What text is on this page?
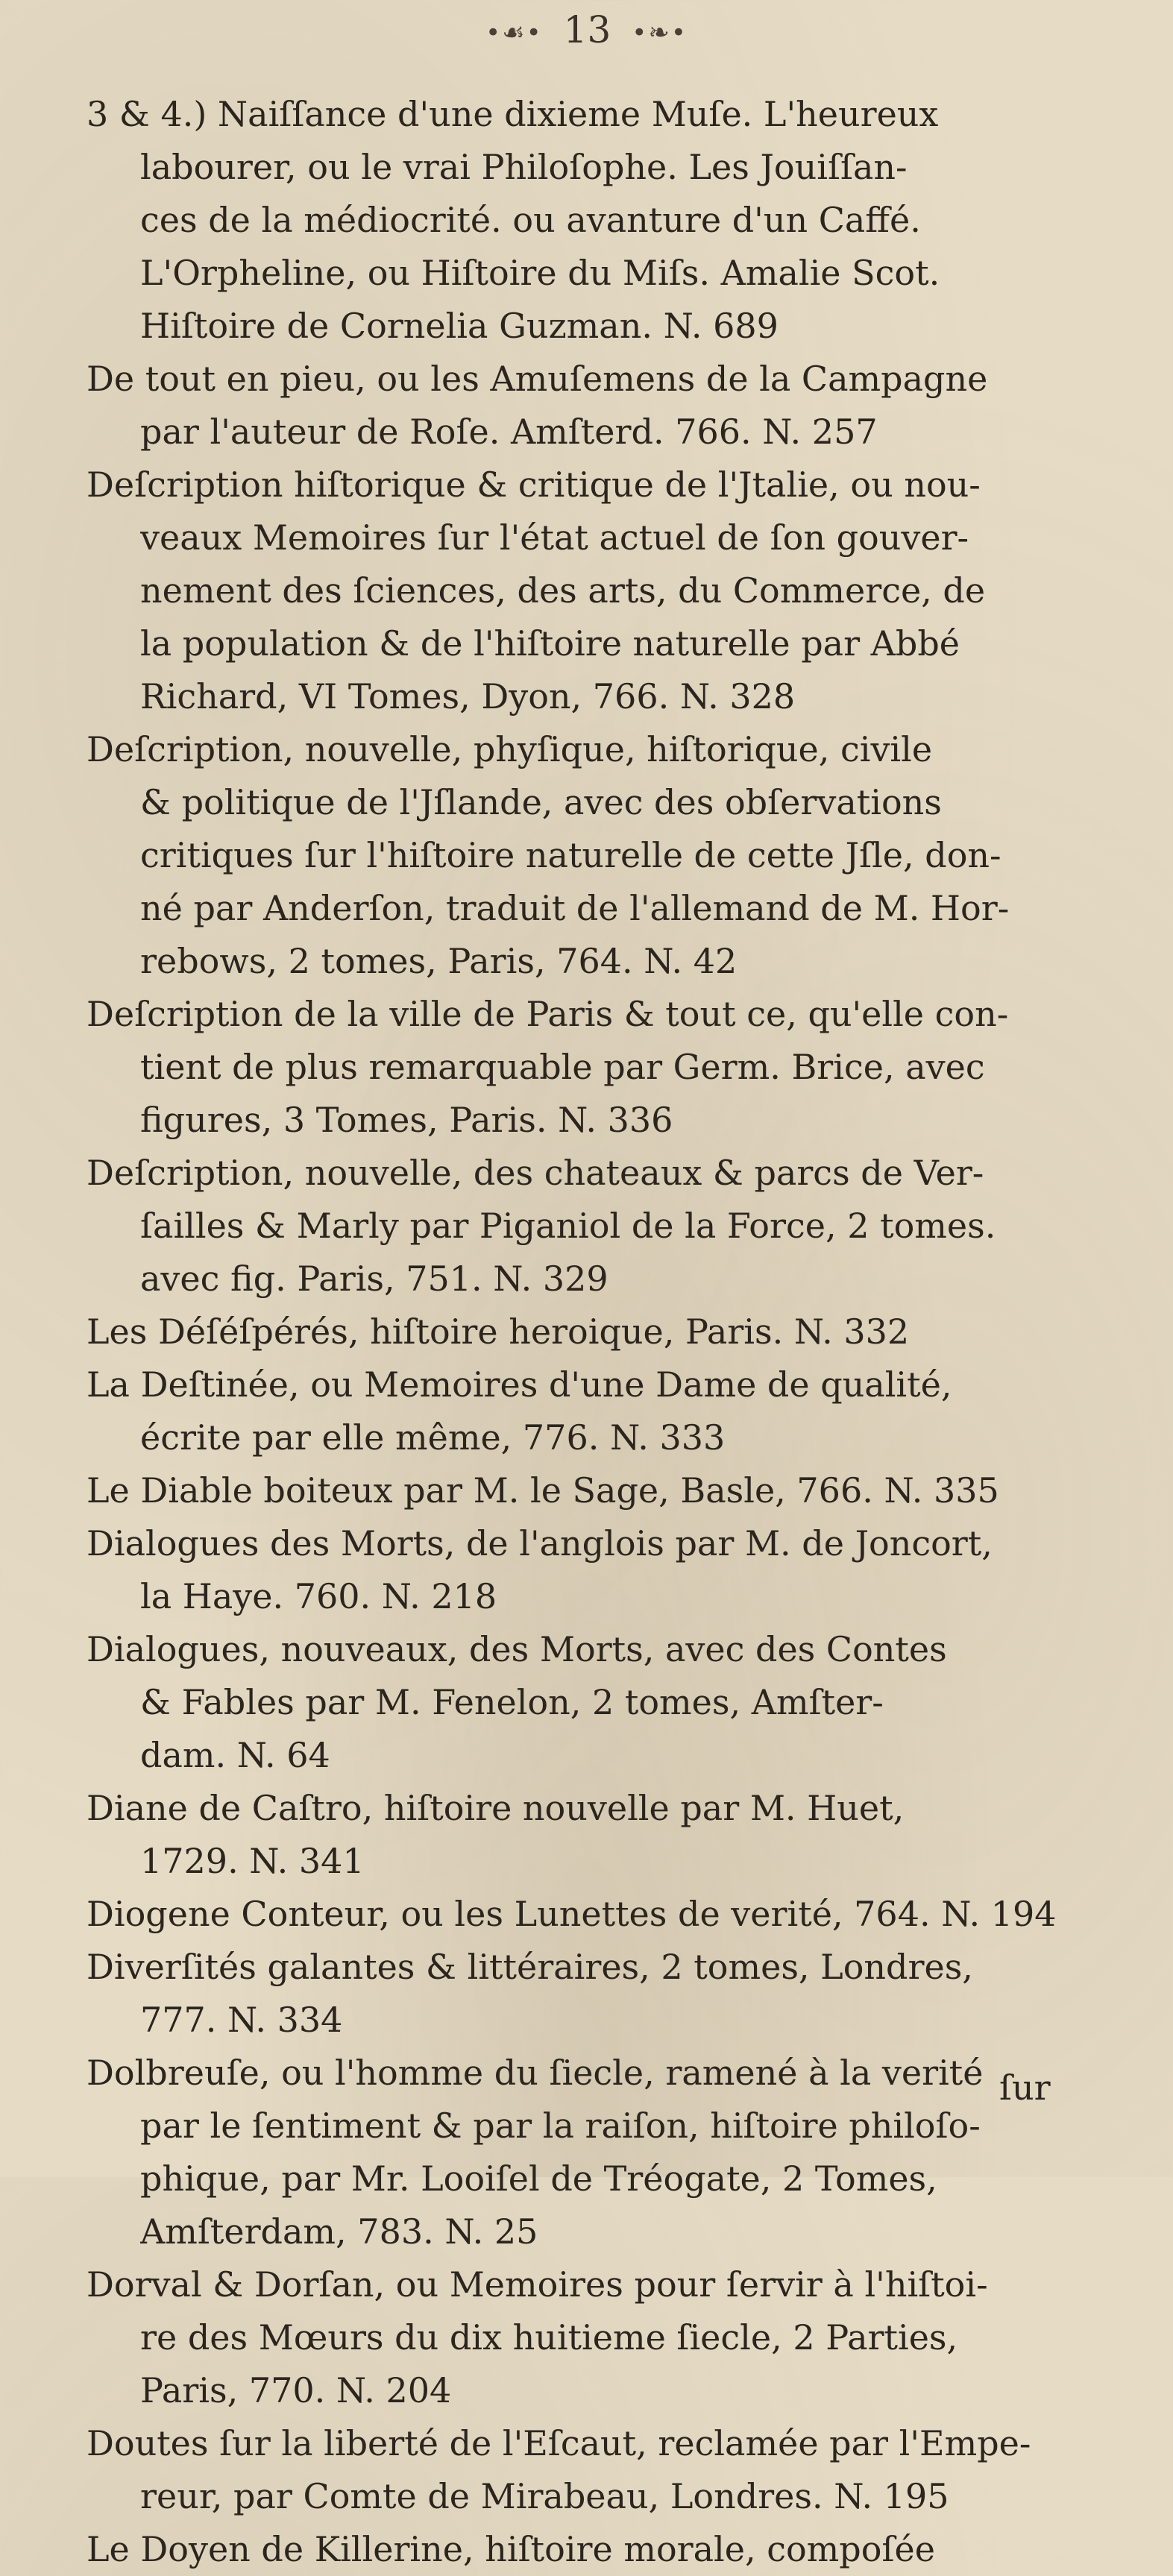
•☙• 13 •❧•
3 & 4.) Naiſſance d'une dixieme Muſe. L'heureux
labourer, ou le vrai Philoſophe. Les Jouiſſan-
ces de la médiocrité. ou avanture d'un Caffé.
L'Orpheline, ou Hiſtoire du Miſs. Amalie Scot.
Hiſtoire de Cornelia Guzman. N. 689
De tout en pieu, ou les Amuſemens de la Campagne
par l'auteur de Roſe. Amſterd. 766. N. 257
Deſcription hiſtorique & critique de l'Jtalie, ou nou-
veaux Memoires ſur l'état actuel de ſon gouver-
nement des ſciences, des arts, du Commerce, de
la population & de l'hiſtoire naturelle par Abbé
Richard, VI Tomes, Dyon, 766. N. 328
Deſcription, nouvelle, phyſique, hiſtorique, civile
& politique de l'Jſlande, avec des obſervations
critiques ſur l'hiſtoire naturelle de cette Jſle, don-
né par Anderſon, traduit de l'allemand de M. Hor-
rebows, 2 tomes, Paris, 764. N. 42
Deſcription de la ville de Paris & tout ce, qu'elle con-
tient de plus remarquable par Germ. Brice, avec
figures, 3 Tomes, Paris. N. 336
Deſcription, nouvelle, des chateaux & parcs de Ver-
ſailles & Marly par Piganiol de la Force, 2 tomes.
avec fig. Paris, 751. N. 329
Les Déſéſpérés, hiſtoire heroique, Paris. N. 332
La Deſtinée, ou Memoires d'une Dame de qualité,
écrite par elle même, 776. N. 333
Le Diable boiteux par M. le Sage, Basle, 766. N. 335
Dialogues des Morts, de l'anglois par M. de Joncort,
la Haye. 760. N. 218
Dialogues, nouveaux, des Morts, avec des Contes
& Fables par M. Fenelon, 2 tomes, Amſter-
dam. N. 64
Diane de Caſtro, hiſtoire nouvelle par M. Huet,
1729. N. 341
Diogene Conteur, ou les Lunettes de verité, 764. N. 194
Diverſités galantes & littéraires, 2 tomes, Londres,
777. N. 334
Dolbreuſe, ou l'homme du ſiecle, ramené à la verité
par le ſentiment & par la raiſon, hiſtoire philoſo-
phique, par Mr. Looiſel de Tréogate, 2 Tomes,
Amſterdam, 783. N. 25
Dorval & Dorſan, ou Memoires pour ſervir à l'hiſtoi-
re des Mœurs du dix huitieme ſiecle, 2 Parties,
Paris, 770. N. 204
Doutes ſur la liberté de l'Eſcaut, reclamée par l'Empe-
reur, par Comte de Mirabeau, Londres. N. 195
Le Doyen de Killerine, hiſtoire morale, compoſée
ſur
